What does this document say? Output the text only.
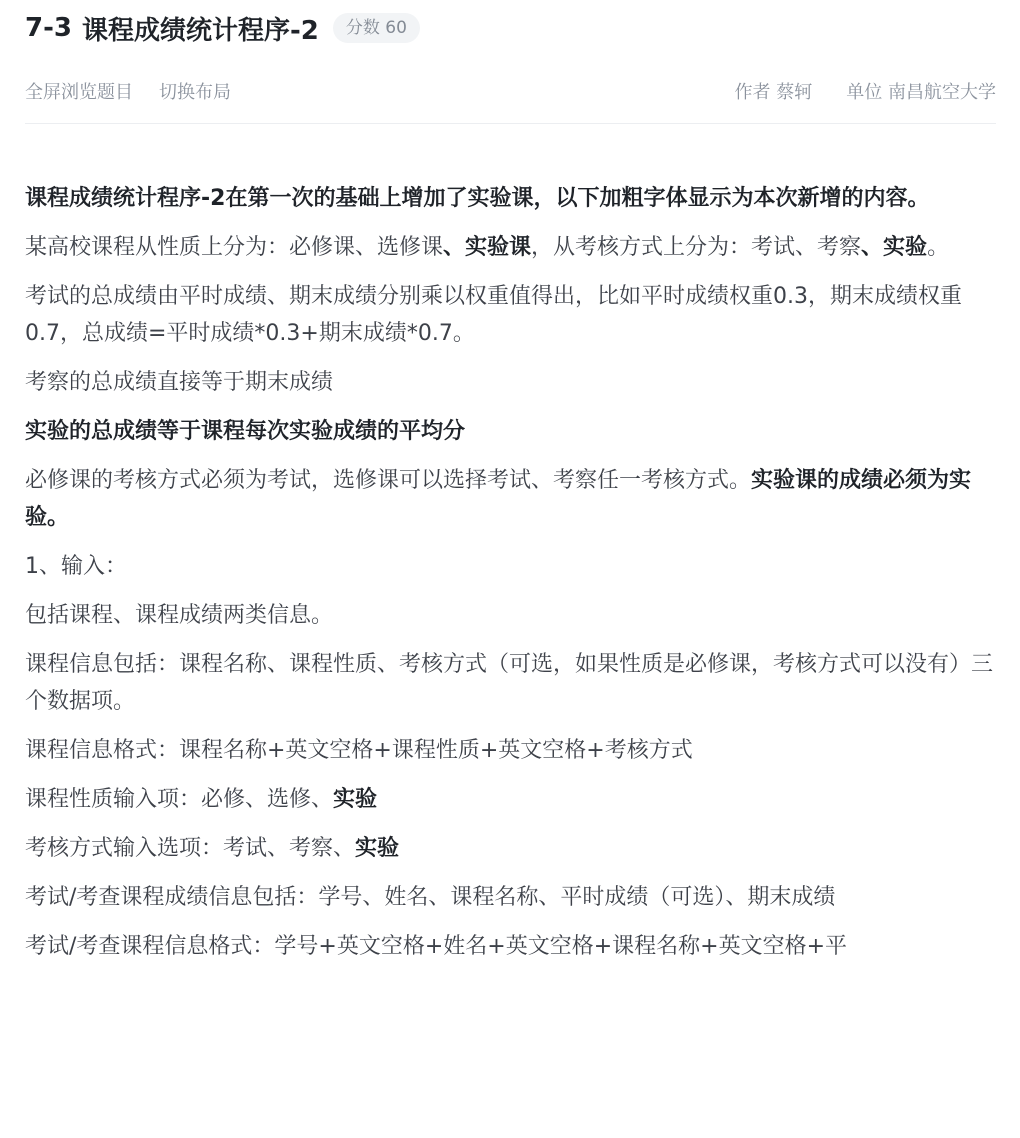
7-3 课程成绩统计程序-2	分数 60
全屏浏览题目 切换布局	作者 蔡轲 单位 南昌航空大学

课程成绩统计程序-2在第一次的基础上增加了实验课，以下加粗字体显示为本次新增的内容。

某高校课程从性质上分为：必修课、选修课、实验课，从考核方式上分为：考试、考察、实验。

考试的总成绩由平时成绩、期末成绩分别乘以权重值得出，比如平时成绩权重0.3，期末成绩权重0.7，总成绩=平时成绩*0.3+期末成绩*0.7。

考察的总成绩直接等于期末成绩

实验的总成绩等于课程每次实验成绩的平均分

必修课的考核方式必须为考试，选修课可以选择考试、考察任一考核方式。实验课的成绩必须为实验。

1、输入：

包括课程、课程成绩两类信息。

课程信息包括：课程名称、课程性质、考核方式（可选，如果性质是必修课，考核方式可以没有）三个数据项。

课程信息格式：课程名称+英文空格+课程性质+英文空格+考核方式

课程性质输入项：必修、选修、实验

考核方式输入选项：考试、考察、实验

考试/考查课程成绩信息包括：学号、姓名、课程名称、平时成绩（可选）、期末成绩

考试/考查课程信息格式：学号+英文空格+姓名+英文空格+课程名称+英文空格+平
